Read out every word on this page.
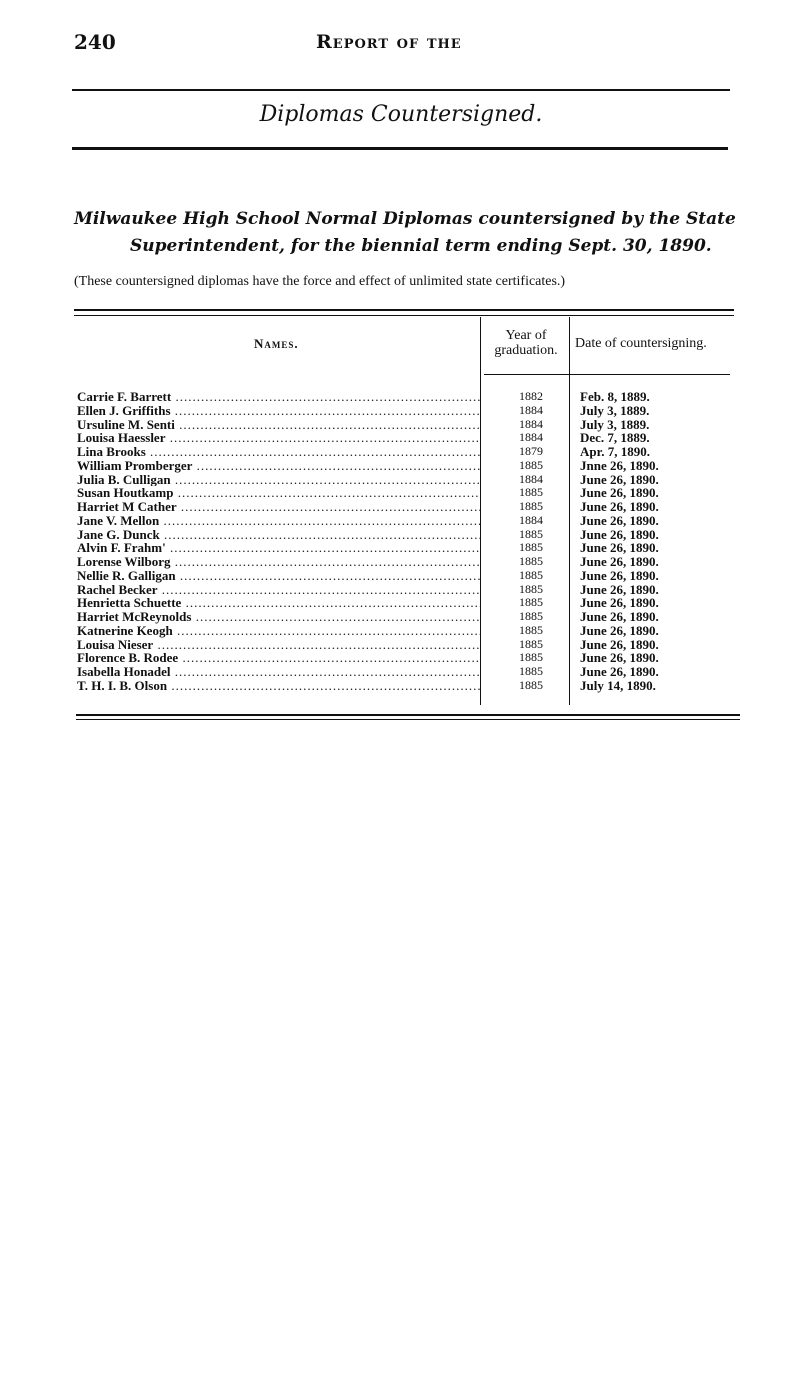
240	Report of the
Diplomas Countersigned.
Milwaukee High School Normal Diplomas countersigned by the State
Superintendent, for the biennial term ending Sept. 30, 1890.
(These countersigned diplomas have the force and effect of unlimited state certificates.)
Names.
Year of
graduation.	Date of countersigning.
Carrie F. Barrett .....	1882	Feb. 8, 1889.
Ellen J. Griffiths .....	1884	July 3, 1889.
Ursuline M. Senti .....	1884	July 3, 1889.
Louisa Haessler .....	1884	Dec. 7, 1889.
Lina Brooks .....	1879	Apr. 7, 1890.
William Promberger .....	1885	Jnne 26, 1890.
Julia B. Culligan .....	1884	June 26, 1890.
Susan Houtkamp .....	1885	June 26, 1890.
Harriet M Cather .....	1885	June 26, 1890.
Jane V. Mellon .....	1884	June 26, 1890.
Jane G. Dunck .....	1885	June 26, 1890.
Alvin F. Frahm' .....	1885	June 26, 1890.
Lorense Wilborg .....	1885	June 26, 1890.
Nellie R. Galligan .....	1885	June 26, 1890.
Rachel Becker .....	1885	June 26, 1890.
Henrietta Schuette .....	1885	June 26, 1890.
Harriet McReynolds .....	1885	June 26, 1890.
Katnerine Keogh .....	1885	June 26, 1890.
Louisa Nieser .....	1885	June 26, 1890.
Florence B. Rodee .....	1885	June 26, 1890.
Isabella Honadel .....	1885	June 26, 1890.
T. H. I. B. Olson .....	1885	July 14, 1890.
